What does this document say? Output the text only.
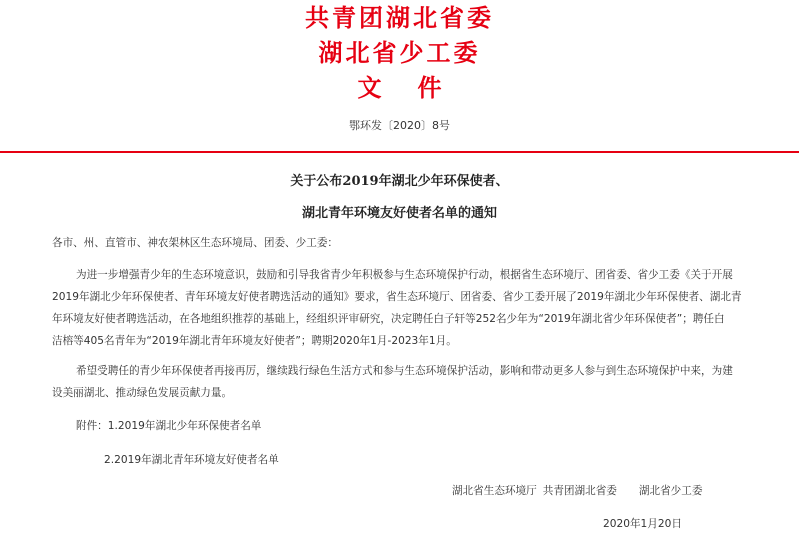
共青团湖北省委
湖北省少工委
文件
鄂环发〔2020〕8号
关于公布2019年湖北少年环保使者、
湖北青年环境友好使者名单的通知
各市、州、直管市、神农架林区生态环境局、团委、少工委：
为进一步增强青少年的生态环境意识，鼓励和引导我省青少年积极参与生态环境保护行动，根据省生态环境厅、团省委、省少工委《关于开展
2019年湖北少年环保使者、青年环境友好使者聘选活动的通知》要求，省生态环境厅、团省委、省少工委开展了2019年湖北少年环保使者、湖北青
年环境友好使者聘选活动，在各地组织推荐的基础上，经组织评审研究，决定聘任白子轩等252名少年为“2019年湖北省少年环保使者”；聘任白
洁榕等405名青年为“2019年湖北青年环境友好使者”；聘期2020年1月-2023年1月。
希望受聘任的青少年环保使者再接再厉，继续践行绿色生活方式和参与生态环境保护活动，影响和带动更多人参与到生态环境保护中来，为建
设美丽湖北、推动绿色发展贡献力量。
附件：1.2019年湖北少年环保使者名单
2.2019年湖北青年环境友好使者名单
湖北省生态环境厅 共青团湖北省委 湖北省少工委
2020年1月20日
